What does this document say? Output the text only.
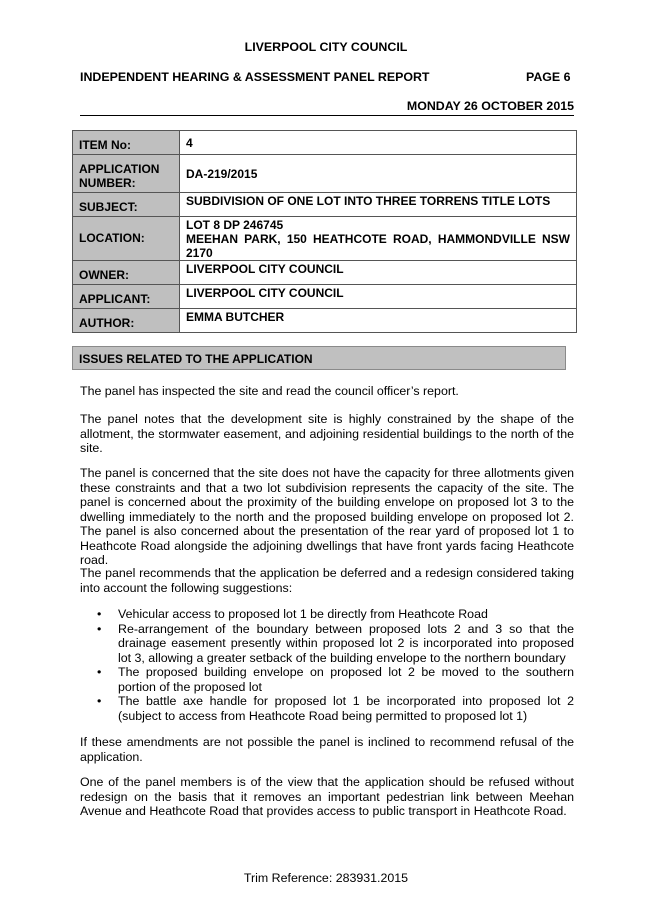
LIVERPOOL CITY COUNCIL
INDEPENDENT HEARING & ASSESSMENT PANEL REPORT	PAGE 6
MONDAY 26 OCTOBER 2015
ITEM No:	4
APPLICATION NUMBER:	DA-219/2015
SUBJECT:	SUBDIVISION OF ONE LOT INTO THREE TORRENS TITLE LOTS
LOCATION:	LOT 8 DP 246745
MEEHAN PARK, 150 HEATHCOTE ROAD, HAMMONDVILLE NSW
2170

OWNER:	LIVERPOOL CITY COUNCIL
APPLICANT:	LIVERPOOL CITY COUNCIL
AUTHOR:	EMMA BUTCHER
ISSUES RELATED TO THE APPLICATION

The panel has inspected the site and read the council officer’s report.

The panel notes that the development site is highly constrained by the shape of the allotment, the stormwater easement, and adjoining residential buildings to the north of the site.

The panel is concerned that the site does not have the capacity for three allotments given these constraints and that a two lot subdivision represents the capacity of the site. The panel is concerned about the proximity of the building envelope on proposed lot 3 to the dwelling immediately to the north and the proposed building envelope on proposed lot 2. The panel is also concerned about the presentation of the rear yard of proposed lot 1 to Heathcote Road alongside the adjoining dwellings that have front yards facing Heathcote road.

The panel recommends that the application be deferred and a redesign considered taking into account the following suggestions:

• Vehicular access to proposed lot 1 be directly from Heathcote Road
• Re-arrangement of the boundary between proposed lots 2 and 3 so that the drainage easement presently within proposed lot 2 is incorporated into proposed lot 3, allowing a greater setback of the building envelope to the northern boundary
• The proposed building envelope on proposed lot 2 be moved to the southern portion of the proposed lot
• The battle axe handle for proposed lot 1 be incorporated into proposed lot 2 (subject to access from Heathcote Road being permitted to proposed lot 1)

If these amendments are not possible the panel is inclined to recommend refusal of the application.

One of the panel members is of the view that the application should be refused without redesign on the basis that it removes an important pedestrian link between Meehan Avenue and Heathcote Road that provides access to public transport in Heathcote Road.

Trim Reference: 283931.2015
